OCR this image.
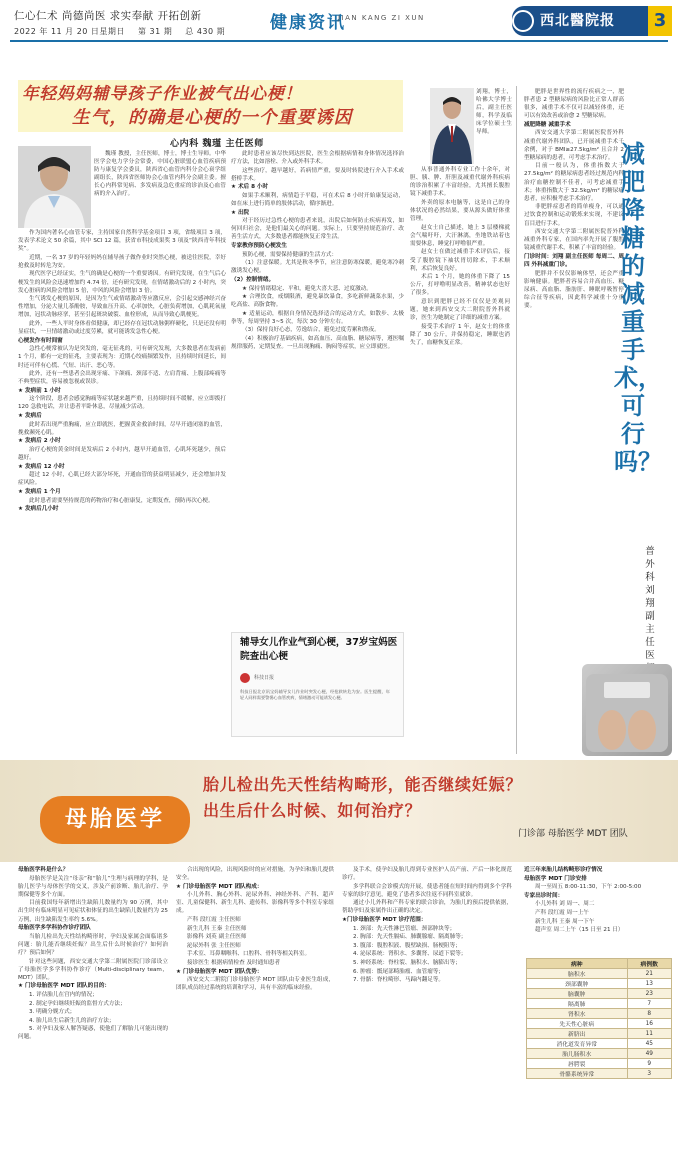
仁心仁术 尚德尚医 求实奉献 开拓创新
2022 年 11 月 20 日星期日 第 31 期 总 430 期	健康资讯
JIAN KANG ZI XUN	西北醫院报	3
年轻妈妈辅导孩子作业被气出心梗！
生气，的确是心梗的一个重要诱因
心内科 魏瑾 主任医师

魏瑾 教授，主任医师，博士，博士生导师。中华医学会电力学分会常委，中国心脏联盟心血管疾病预防与康复学会委员，陕西省心血管内科分会心衰学组副组长，陕西省医师协会心血管内科分会副主委。擅长心内科常见病、多发病及急危重症的诊治及心血管病的介入治疗。

作为国内著名心血管专家，主持国家自然科学基金项目 3 项，省级项目 3 项，发表学术论文 50 余篇，其中 SCI 12 篇，获省市科技成果奖 3 项及“陕西青年科技奖”。

近期，一名 37 岁的年轻妈妈在辅导孩子做作业时突然心梗，被送往医院，幸好抢救及时转危为安。

现代医学已经证实，生气的确是心梗的一个重要诱因。有研究发现，在生气后心梗发生的风险会迅速增加约 4.74 倍，还有研究发现，在情绪激动后的 2 小时内，突发心脏病的风险会增加 5 倍，中风的风险会增加 3 倍。

生气诱发心梗的原因，是因为生气或情绪激动等应激反应，会引起交感神经兴奋性增加，分泌大量儿茶酚胺，导致血压升高、心率加快，心脏负荷增加，心肌耗氧量增加，冠状动脉痉挛，甚至引起斑块破裂、血栓形成，从而导致心肌梗死。

此外，一些人平时身体看似健康，却已经存在冠状动脉粥样硬化，只是还没有明显症状，一旦情绪激动或过度劳累，就可能诱发急性心梗。

心梗发作有时间窗

急性心梗常被认为是突发的，毫无征兆的，可有研究发现，大多数患者在发病前 1 个月，都有一定的征兆，主要表现为：近期心绞痛频繁发作，且持续时间延长，间时还可伴有心慌、气短、出汗、恶心等。

此外，还有一些患者会出现牙痛、下颌痛、颈部不适、左肩背痛、上腹部疼痛等不典型症状，容易被忽视或误诊。

★ 发病前 1 小时

这个阶段，患者会感觉胸痛等症状越来越严重，且持续时间不缓解，应立即拨打 120 急救电话，并让患者平卧休息，尽量减少活动。

★ 发病后

此时若出现严重胸痛，应立即就医，把握黄金救治时间，尽早开通闭塞的血管，挽救濒死心肌。

★ 发病后 2 小时

治疗心梗的黄金时间是发病后 2 小时内，越早开通血管，心肌坏死越少，预后越好。

★ 发病后 12 小时

超过 12 小时，心肌已经大部分坏死，开通血管的获益明显减少，还会增加并发症风险。

★ 发病后 1 个月

此时患者需要坚持规范的药物治疗和心脏康复，定期复查，预防再次心梗。

★ 发病后几小时

此时患者应该尽快到达医院，医生会根据病情和身体情况选择治疗方法，比如溶栓、介入或外科手术。

这些治疗，越早越好，若病情严重，要及时转院进行介入手术或搭桥手术。

★ 术后 8 小时

如果手术顺利，病情趋于平稳，可在术后 8 小时开始康复运动，如在床上进行简单的肢体活动，循序渐进。

★ 出院

对于经历过急性心梗的患者来说，出院后如何防止疾病再发，如何回归社会，是他们最关心的问题。实际上，只要坚持规范治疗、改善生活方式，大多数患者都能恢复正常生活。

专家教你预防心梗发生

预防心梗，需要保持健康的生活方式：

（1）注意保暖。尤其是秋冬季节，应注意防寒保暖，避免寒冷刺激诱发心梗。

（2）控制情绪。

★ 保持情绪稳定、平和，避免大喜大悲、过度激动。

★ 合理饮食，戒烟限酒，避免暴饮暴食，多吃新鲜蔬菜水果，少吃高盐、高脂食物。

★ 适量运动，根据自身情况选择适合的运动方式，如散步、太极拳等，每周坚持 3~5 次，每次 30 分钟左右。

（3）保持良好心态，劳逸结合，避免过度劳累和熬夜。

（4）积极治疗基础疾病，如高血压、高血脂、糖尿病等，遵医嘱规律服药，定期复查。一旦出现胸痛、胸闷等症状，应立即就医。

辅导女儿作业气到心梗，37岁宝妈医院查出心梗
科技日报
科技日报北京讯宝妈辅导女儿作业时突发心梗，经抢救转危为安。医生提醒，年轻人同样需要警惕心血管疾病，情绪激动可能诱发心梗。

刘翔，博士，哈佛大学博士后，副主任医师，科学及临床学位硕士生导师。

从事普通外科专业工作十余年，对胆、胰、脾、肝胆及减重代谢外科疾病的诊治积累了丰富经验，尤其擅长腹腔镜下减重手术。

外卖的原本电脑等，这是自己的身体状况的必然结果，要从源头做好体重管理。

赵女士自己描述，她上 3 层楼梯就会气喘吁吁，大汗淋漓，坐地铁站着也需要休息，睡觉打呼噜很严重。

赵女士在做过减重手术评估后，接受了腹腔镜下袖状胃切除术，手术顺利，术后恢复良好。

术后 1 个月，她的体重下降了 15 公斤，打呼噜明显改善，精神状态也好了很多。

意识到肥胖已经不仅仅是美观问题，她来到西安交大二附院普外科就诊，医生为她制定了详细的减重方案。

接受手术治疗 1 年，赵女士的体重降了 30 公斤，并保持稳定，睡眠也消失了，血糖恢复正常。

肥胖是世界性的流行疾病之一，肥胖者患 2 型糖尿病的风险比正常人群高很多，减重手术不仅可以减轻体重，还可以有效改善或治愈 2 型糖尿病。

减肥降糖 减重手术

西安交通大学第二附属医院普外科减重代谢外科团队，已开展减重手术千余例，对于 BMI≥27.5kg/m² 且合并 2 型糖尿病的患者，可考虑手术治疗。

目前一般认为，体重指数大于 27.5kg/m² 的糖尿病患者经过规范内科治疗血糖控制不佳者，可考虑减重手术；体重指数大于 32.5kg/m² 的糖尿病患者，应积极考虑手术治疗。

非肥胖症患者的简单瘦身，可以通过饮食控制和运动锻炼来实现，不建议盲目进行手术。

西安交通大学第二附属医院普外科减重外科专家，在国内率先开展了腹腔镜减重代谢手术，积累了丰富的经验。

门诊时间：刘翔 副主任医师 每周二、周四 外科减重门诊。

肥胖并不仅仅影响体型，还会严重影响健康。肥胖者容易合并高血压、糖尿病、高血脂、脂肪肝、睡眠呼吸暂停综合征等疾病，因此科学减重十分重要。

减肥降糖的减重手术，可行吗？
普外科 刘翔 副主任医
母胎医学
胎儿检出先天性结构畸形，能否继续妊娠？
出生后什么时候、如何治疗？
门诊部 母胎医学 MDT 团队

母胎医学科是什么？

母胎医学是关注“母亲”和“胎儿”生理与病理的学科，是胎儿医学与母体医学的交叉，涉及产前诊断、胎儿治疗、孕期保健等多个方面。

目前我国每年新增出生缺陷儿数量约为 90 万例，其中出生时有临床明显可见症状和体征的出生缺陷儿数量约为 25 万例，出生缺陷发生率约 5.6%。

母胎医学多学科协作诊疗团队

当胎儿检出先天性结构畸形时，孕妇及家属会面临诸多问题：胎儿能否继续妊娠？出生后什么时候治疗？如何治疗？预后如何？

针对这些问题，西安交通大学第二附属医院门诊部设立了母胎医学多学科协作诊疗（Multi-disciplinary team，MDT）团队。

★ 门诊母胎医学 MDT 团队的目的：

1. 评估胎儿在宫内的情况；

2. 制定孕妇继续妊娠的监督方式方法；

3. 明确分娩方式；

4. 胎儿出生后新生儿的治疗方法；

5. 对孕妇及家人解答疑惑，使他们了解胎儿可能出现的问题。

合出现的风险，出现风险时的应对措施，为孕妇和胎儿提供安全。

★ 门诊母胎医学 MDT 团队构成：

小儿外科、胸心外科、泌尿外科、神经外科、产科、超声室、儿童保健科、新生儿科、遗传科、影像科等多个科室专家组成。

产科 段红霞 主任医师

新生儿科 王秦 主任医师

影像科 刘英 副主任医师

泌尿外科 张 主任医师

手术室、耳鼻咽喉科、口腔科、骨科等相关科室。

接诊医生 根据病情检查 及时通知患者

★ 门诊母胎医学 MDT 团队优势：

西安交大二附院门诊母胎医学 MDT 团队由专业医生组成，团队成员经过系统的培训和学习，具有丰富的临床经验。

及手术，使孕妇及胎儿得到专业医护人员产前、产后一体化规范诊疗。

多学科联合会诊模式的开展，使患者能在短时间内得到多个学科专家的诊疗意见，避免了患者多次往返不同科室就诊。

通过小儿外科和产科专家的联合诊治，为胎儿的预后提供依据，帮助孕妇及家属作出正确的决定。

★门诊母胎医学 MDT 诊疗范围：

1. 颈部：先天性淋巴管瘤、颈部肿块等；

2. 胸部：先天性膈疝、肺囊腺瘤、隔离肺等；

3. 腹部：腹腔积液、腹壁缺损、肠梗阻等；

4. 泌尿系统：肾积水、多囊肾、尿道下裂等；

5. 神经系统：脊柱裂、脑积水、脑膨出等；

6. 肿瘤：骶尾部畸胎瘤、血管瘤等；

7. 骨骼：脊柱畸形、马蹄内翻足等。

近三年来胎儿结构畸形诊疗情况

母胎医学 MDT 门诊安排

周一至周五 8:00-11:30，下午 2:00-5:00

专家出诊时间：

小儿外科 刘 周一、周二

产科 段红霞 周一上午

新生儿科 王秦 周一下午

超声室 周二上午（15 日至 21 日）

病种	病例数
脑积水	21
颈部囊肿	13
脑囊肿	23
隔离肺	7
肾积水	8
先天性心脏病	16
新脐出	11
消化道发育异常	45
胎儿肠积水	49
唇腭裂	9
骨骼系统异常	3
